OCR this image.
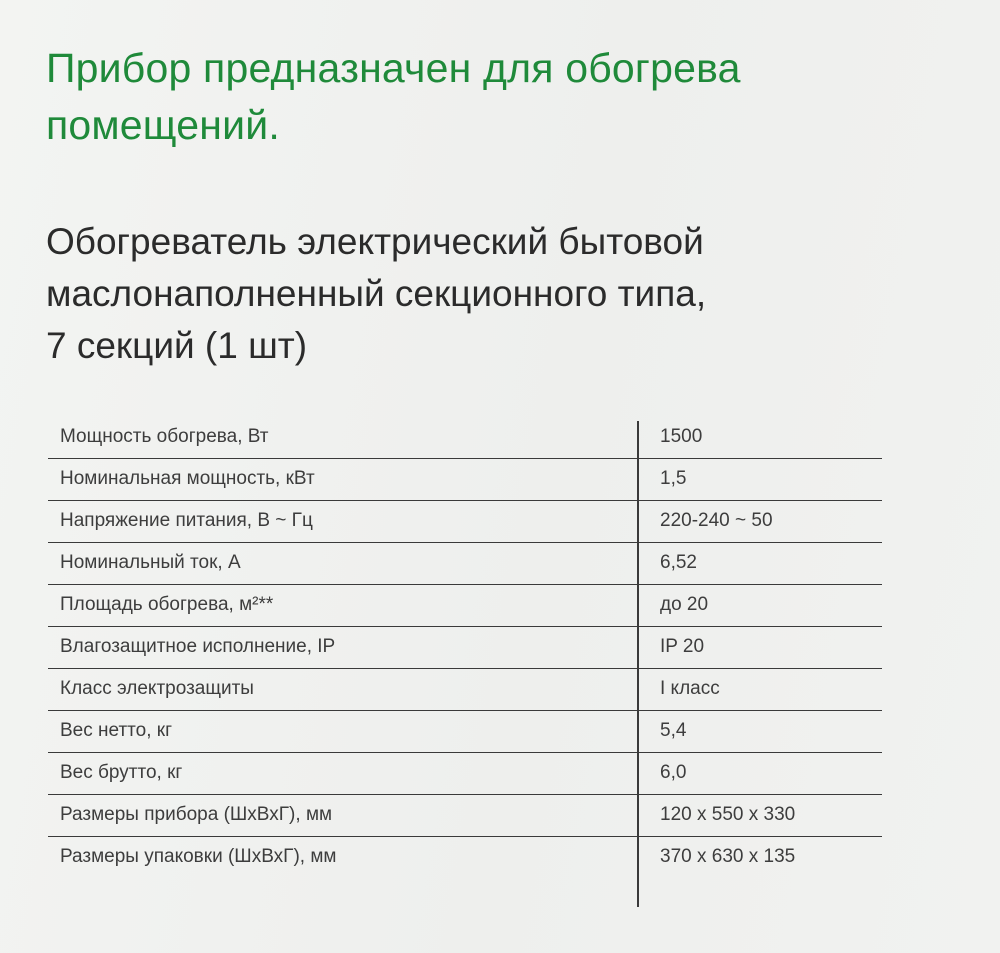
Прибор предназначен для обогрева
помещений.
Обогреватель электрический бытовой
маслонаполненный секционного типа,
7 секций (1 шт)
Мощность обогрева, Вт	1500
Номинальная мощность, кВт	1,5
Напряжение питания, В ~ Гц	220-240 ~ 50
Номинальный ток, А	6,52
Площадь обогрева, м²**	до 20
Влагозащитное исполнение, IP	IP 20
Класс электрозащиты	I класс
Вес нетто, кг	5,4
Вес брутто, кг	6,0
Размеры прибора (ШхВхГ), мм	120 x 550 x 330
Размеры упаковки (ШхВхГ), мм	370 x 630 x 135
